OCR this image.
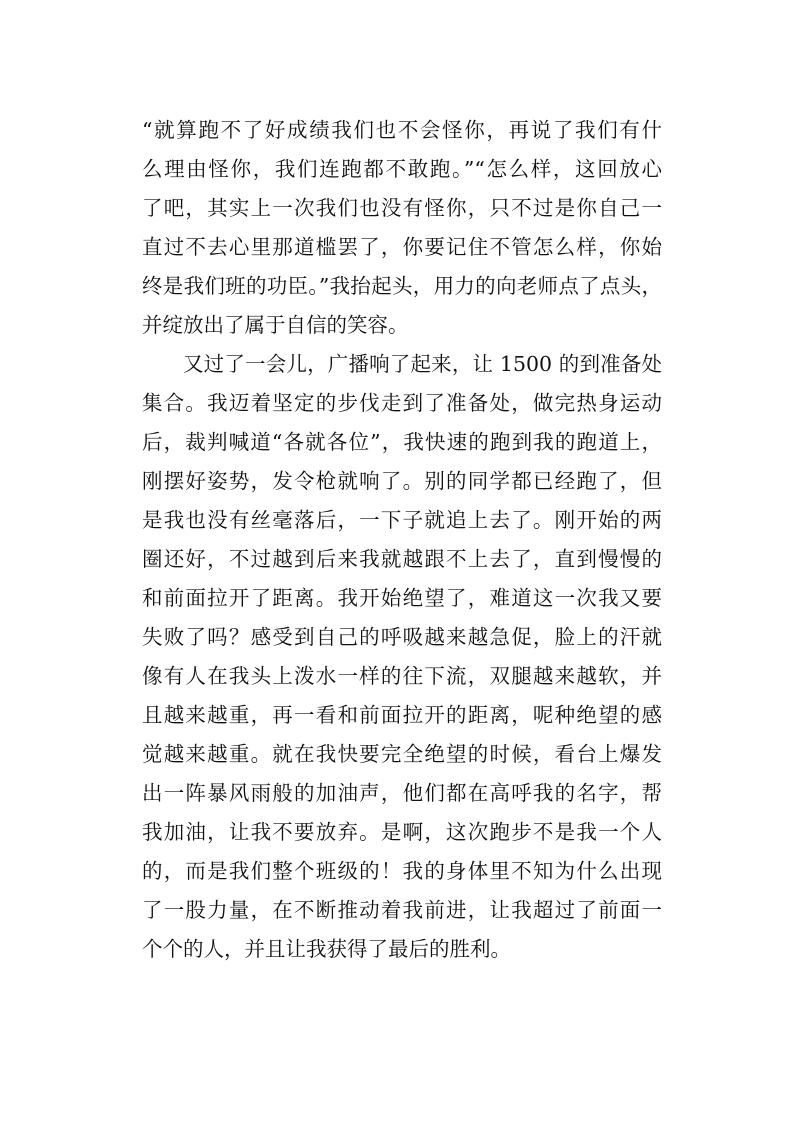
“就算跑不了好成绩我们也不会怪你，再说了我们有什
么理由怪你，我们连跑都不敢跑。”“怎么样，这回放心
了吧，其实上一次我们也没有怪你，只不过是你自己一
直过不去心里那道槛罢了，你要记住不管怎么样，你始
终是我们班的功臣。”我抬起头，用力的向老师点了点头，
并绽放出了属于自信的笑容。
又过了一会儿，广播响了起来，让 1500 的到准备处
集合。我迈着坚定的步伐走到了准备处，做完热身运动
后，裁判喊道“各就各位”，我快速的跑到我的跑道上，
刚摆好姿势，发令枪就响了。别的同学都已经跑了，但
是我也没有丝毫落后，一下子就追上去了。刚开始的两
圈还好，不过越到后来我就越跟不上去了，直到慢慢的
和前面拉开了距离。我开始绝望了，难道这一次我又要
失败了吗？感受到自己的呼吸越来越急促，脸上的汗就
像有人在我头上泼水一样的往下流，双腿越来越软，并
且越来越重，再一看和前面拉开的距离，呢种绝望的感
觉越来越重。就在我快要完全绝望的时候，看台上爆发
出一阵暴风雨般的加油声，他们都在高呼我的名字，帮
我加油，让我不要放弃。是啊，这次跑步不是我一个人
的，而是我们整个班级的！我的身体里不知为什么出现
了一股力量，在不断推动着我前进，让我超过了前面一
个个的人，并且让我获得了最后的胜利。
